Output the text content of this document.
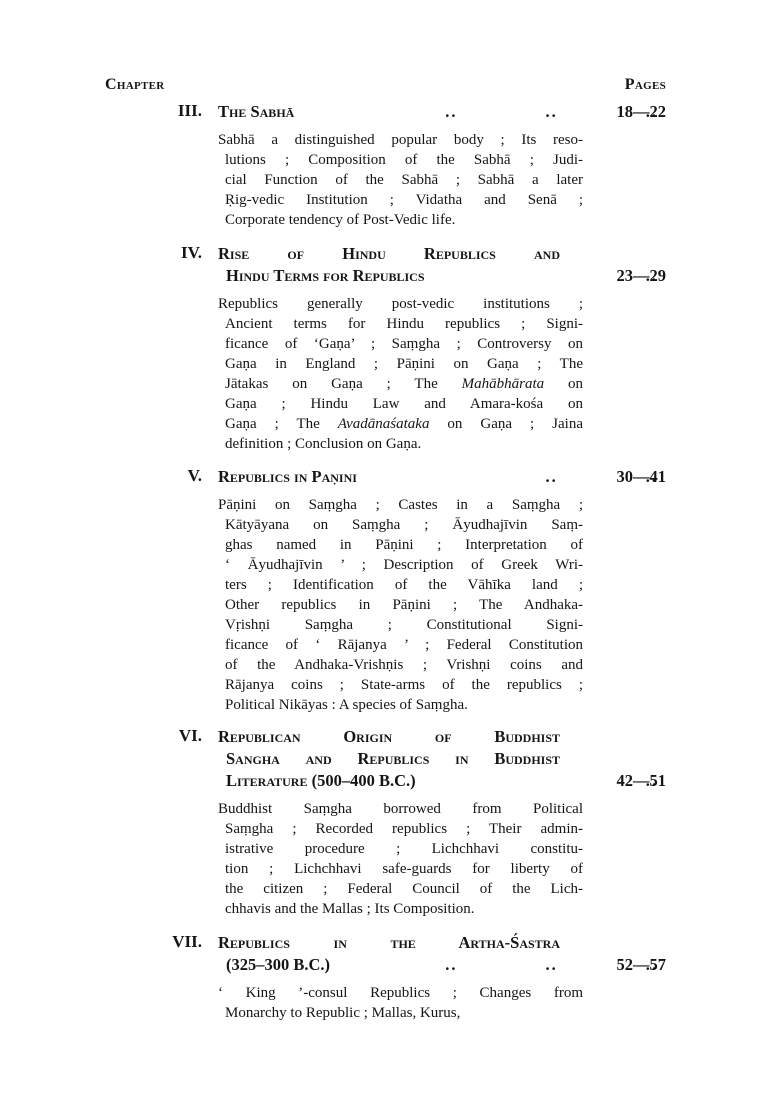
Chapter	Pages
III. The Sabhā .. .. ..	18—22
Sabhā a distinguished popular body ; Its reso-
lutions ; Composition of the Sabhā ; Judi-
cial Function of the Sabhā ; Sabhā a later
Ṛig-vedic Institution ; Vidatha and Senā ;
Corporate tendency of Post-Vedic life.
IV. Rise of Hindu Republics and
Hindu Terms for Republics ..	23—29
Republics generally post-vedic institutions ;
Ancient terms for Hindu republics ; Signi-
ficance of ‘Gaṇa’ ; Saṃgha ; Controversy on
Gaṇa in England ; Pāṇini on Gaṇa ; The
Jātakas on Gaṇa ; The Mahābhārata on
Gaṇa ; Hindu Law and Amara-kośa on
Gaṇa ; The Avadānaśataka on Gaṇa ; Jaina
definition ; Conclusion on Gaṇa.
V. Republics in Paṇini .. ..	30—41
Pāṇini on Saṃgha ; Castes in a Saṃgha ;
Kātyāyana on Saṃgha ; Āyudhajīvin Saṃ-
ghas named in Pāṇini ; Interpretation of
‘ Āyudhajīvin ’ ; Description of Greek Wri-
ters ; Identification of the Vāhīka land ;
Other republics in Pāṇini ; The Andhaka-
Vṛishṇi Saṃgha ; Constitutional Signi-
ficance of ‘ Rājanya ’ ; Federal Constitution
of the Andhaka-Vrishṇis ; Vrishṇi coins and
Rājanya coins ; State-arms of the republics ;
Political Nikāyas : A species of Saṃgha.
VI. Republican Origin of Buddhist
Sangha and Republics in Buddhist
Literature (500–400 B.C.) ..	42—51
Buddhist Saṃgha borrowed from Political
Saṃgha ; Recorded republics ; Their admin-
istrative procedure ; Lichchhavi constitu-
tion ; Lichchhavi safe-guards for liberty of
the citizen ; Federal Council of the Lich-
chhavis and the Mallas ; Its Composition.
VII. Republics in the Artha-Śastra
(325–300 B.C.) .. .. ..	52—57
‘ King ’-consul Republics ; Changes from
Monarchy to Republic ; Mallas, Kurus,
